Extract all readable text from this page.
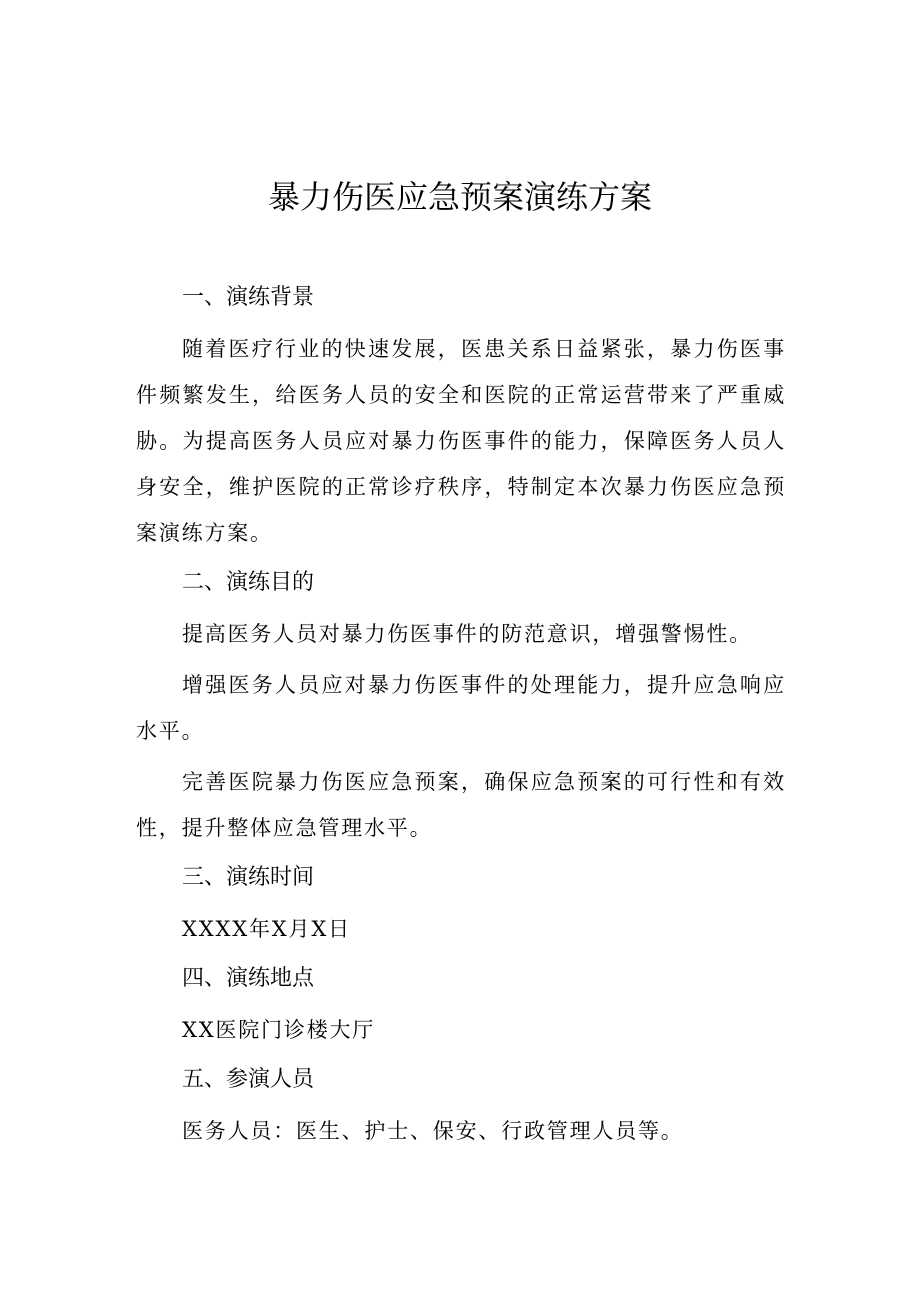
暴力伤医应急预案演练方案
一、演练背景

随着医疗行业的快速发展，医患关系日益紧张，暴力伤医事件频繁发生，给医务人员的安全和医院的正常运营带来了严重威胁。为提高医务人员应对暴力伤医事件的能力，保障医务人员人身安全，维护医院的正常诊疗秩序，特制定本次暴力伤医应急预案演练方案。

二、演练目的

提高医务人员对暴力伤医事件的防范意识，增强警惕性。

增强医务人员应对暴力伤医事件的处理能力，提升应急响应水平。

完善医院暴力伤医应急预案，确保应急预案的可行性和有效性，提升整体应急管理水平。

三、演练时间

XXXX年X月X日

四、演练地点

XX医院门诊楼大厅

五、参演人员

医务人员：医生、护士、保安、行政管理人员等。
